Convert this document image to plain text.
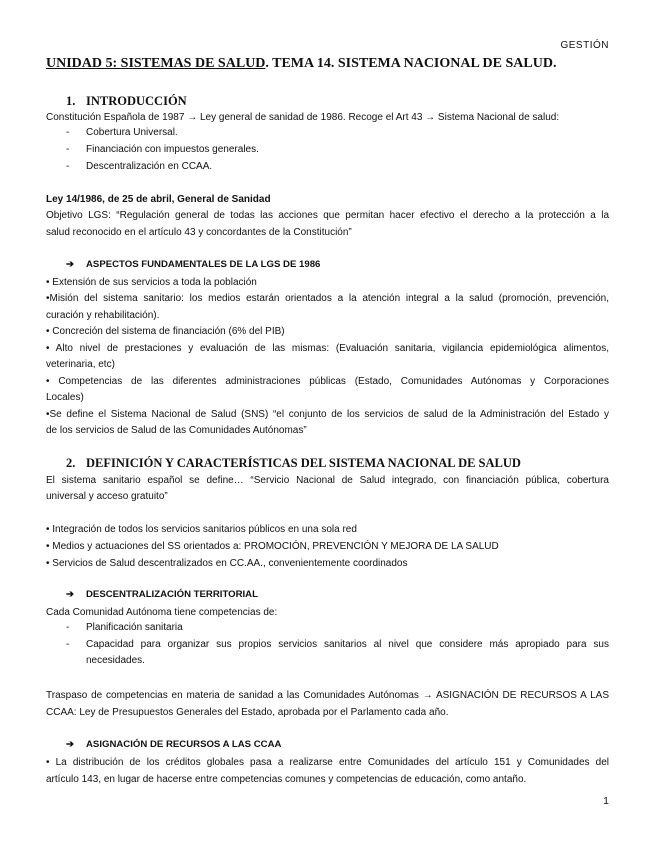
GESTIÓN
UNIDAD 5: SISTEMAS DE SALUD. TEMA 14. SISTEMA NACIONAL DE SALUD.
1. INTRODUCCIÓN
Constitución Española de 1987 → Ley general de sanidad de 1986. Recoge el Art 43 → Sistema Nacional de salud:
- Cobertura Universal.
- Financiación con impuestos generales.
- Descentralización en CCAA.
Ley 14/1986, de 25 de abril, General de Sanidad
Objetivo LGS: “Regulación general de todas las acciones que permitan hacer efectivo el derecho a la protección a la
salud reconocido en el artículo 43 y concordantes de la Constitución”
➔ ASPECTOS FUNDAMENTALES DE LA LGS DE 1986
• Extensión de sus servicios a toda la población
•Misión del sistema sanitario: los medios estarán orientados a la atención integral a la salud (promoción, prevención,
curación y rehabilitación).
• Concreción del sistema de financiación (6% del PIB)
• Alto nivel de prestaciones y evaluación de las mismas: (Evaluación sanitaria, vigilancia epidemiológica alimentos,
veterinaria, etc)
• Competencias de las diferentes administraciones públicas (Estado, Comunidades Autónomas y Corporaciones
Locales)
•Se define el Sistema Nacional de Salud (SNS) “el conjunto de los servicios de salud de la Administración del Estado y
de los servicios de Salud de las Comunidades Autónomas”
2. DEFINICIÓN Y CARACTERÍSTICAS DEL SISTEMA NACIONAL DE SALUD
El sistema sanitario español se define… “Servicio Nacional de Salud integrado, con financiación pública, cobertura
universal y acceso gratuito”
• Integración de todos los servicios sanitarios públicos en una sola red
• Medios y actuaciones del SS orientados a: PROMOCIÓN, PREVENCIÓN Y MEJORA DE LA SALUD
• Servicios de Salud descentralizados en CC.AA., convenientemente coordinados
➔ DESCENTRALIZACIÓN TERRITORIAL
Cada Comunidad Autónoma tiene competencias de:
- Planificación sanitaria
- Capacidad para organizar sus propios servicios sanitarios al nivel que considere más apropiado para sus
necesidades.
Traspaso de competencias en materia de sanidad a las Comunidades Autónomas → ASIGNACIÓN DE RECURSOS A LAS
CCAA: Ley de Presupuestos Generales del Estado, aprobada por el Parlamento cada año.
➔ ASIGNACIÓN DE RECURSOS A LAS CCAA
• La distribución de los créditos globales pasa a realizarse entre Comunidades del artículo 151 y Comunidades del
artículo 143, en lugar de hacerse entre competencias comunes y competencias de educación, como antaño.
1
